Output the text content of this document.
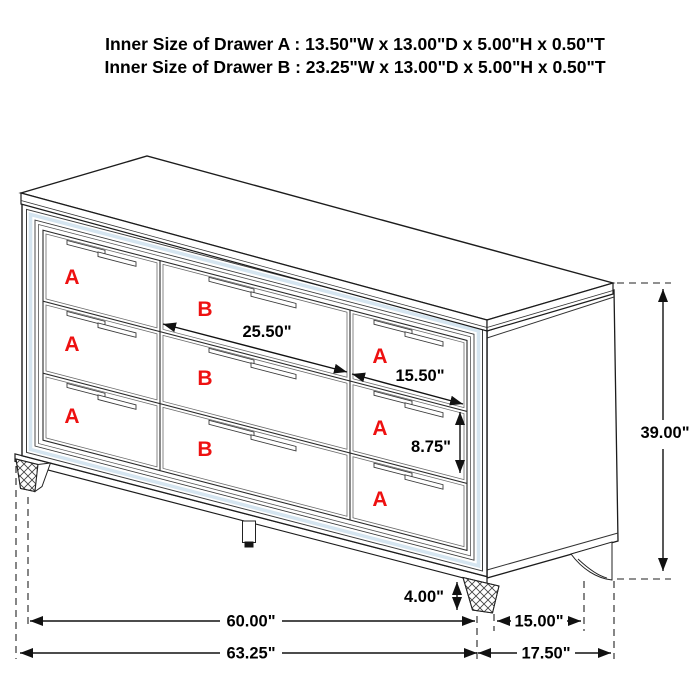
Inner Size of Drawer A : 13.50"W x 13.00"D x 5.00"H x 0.50"T
Inner Size of Drawer B : 23.25"W x 13.00"D x 5.00"H x 0.50"T
25.50"
15.50"
8.75"
39.00"
4.00"
60.00"	15.00"
63.25"	17.50"
A
A
A
B
B
B
A
A
A
